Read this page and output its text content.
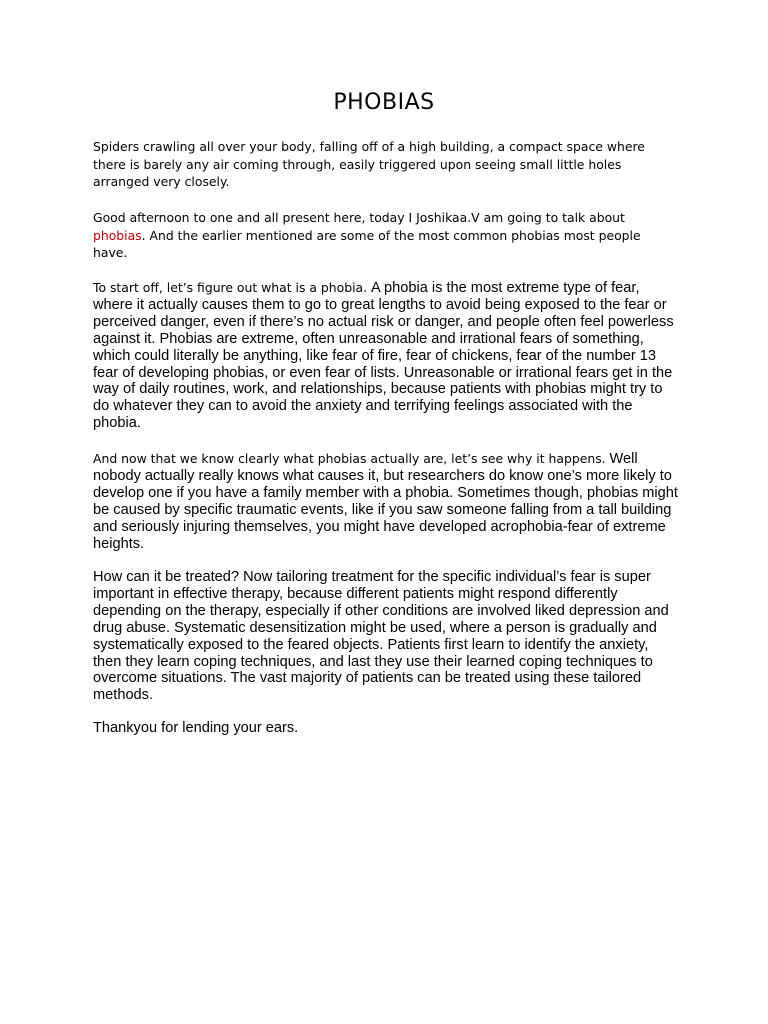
PHOBIAS

Spiders crawling all over your body, falling off of a high building, a compact space where there is barely any air coming through, easily triggered upon seeing small little holes arranged very closely.

Good afternoon to one and all present here, today I Joshikaa.V am going to talk about phobias. And the earlier mentioned are some of the most common phobias most people have.

To start off, let’s figure out what is a phobia. A phobia is the most extreme type of fear, where it actually causes them to go to great lengths to avoid being exposed to the fear or perceived danger, even if there’s no actual risk or danger, and people often feel powerless against it. Phobias are extreme, often unreasonable and irrational fears of something, which could literally be anything, like fear of fire, fear of chickens, fear of the number 13 fear of developing phobias, or even fear of lists. Unreasonable or irrational fears get in the way of daily routines, work, and relationships, because patients with phobias might try to do whatever they can to avoid the anxiety and terrifying feelings associated with the phobia.

And now that we know clearly what phobias actually are, let’s see why it happens. Well nobody actually really knows what causes it, but researchers do know one’s more likely to develop one if you have a family member with a phobia. Sometimes though, phobias might be caused by specific traumatic events, like if you saw someone falling from a tall building and seriously injuring themselves, you might have developed acrophobia-fear of extreme heights.

How can it be treated? Now tailoring treatment for the specific individual’s fear is super important in effective therapy, because different patients might respond differently depending on the therapy, especially if other conditions are involved liked depression and drug abuse. Systematic desensitization might be used, where a person is gradually and systematically exposed to the feared objects. Patients first learn to identify the anxiety, then they learn coping techniques, and last they use their learned coping techniques to overcome situations. The vast majority of patients can be treated using these tailored methods.

Thankyou for lending your ears.
